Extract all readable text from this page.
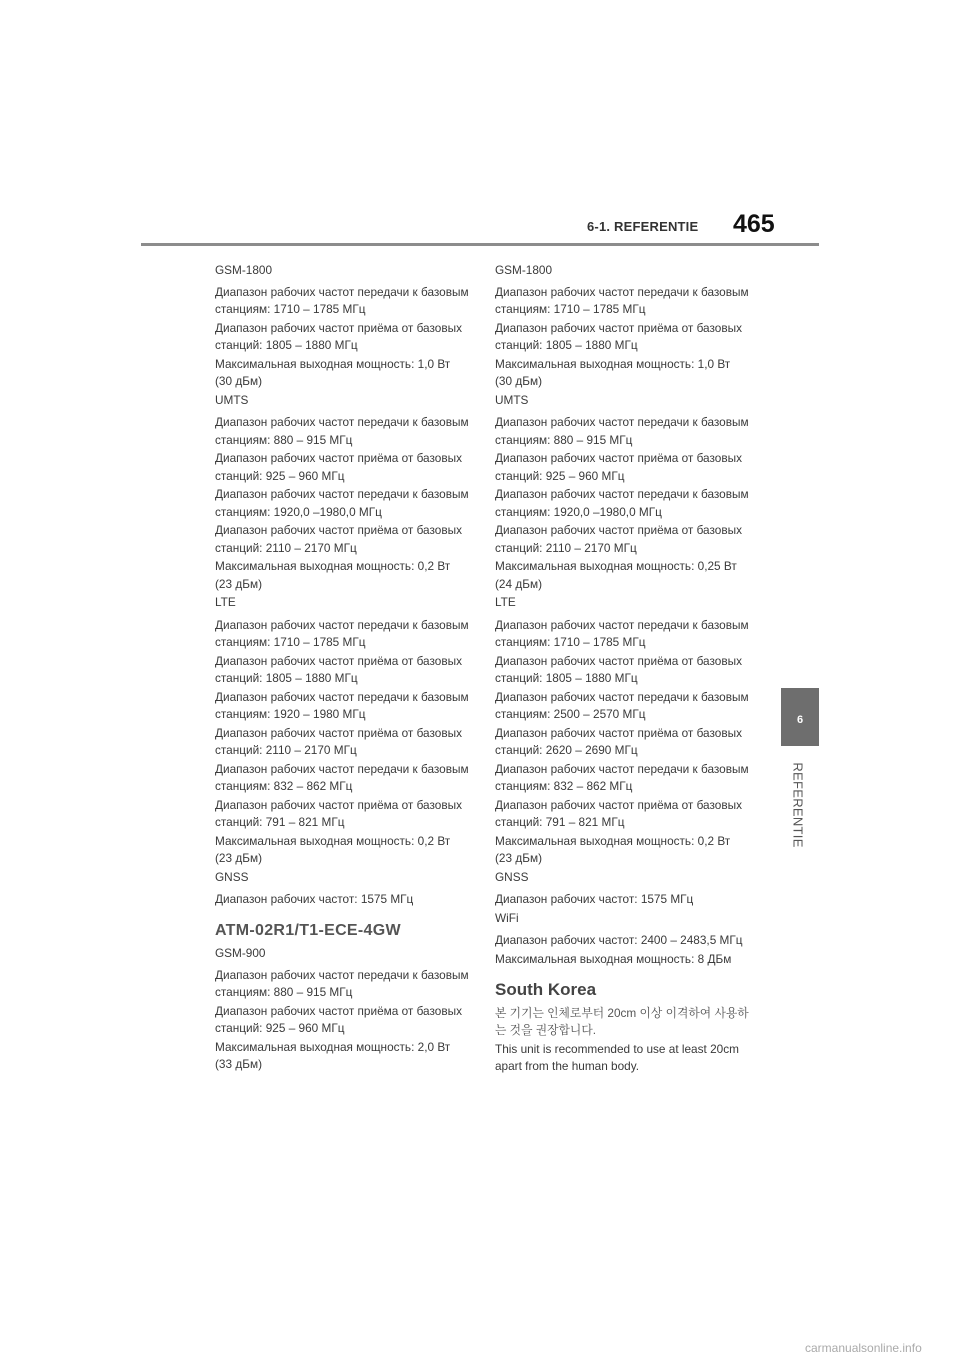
6-1. REFERENTIE 465
6
REFERENTIE

GSM-1800

Диапазон рабочих частот передачи к базовым станциям: 1710 – 1785 МГц

Диапазон рабочих частот приёма от базовых станций: 1805 – 1880 МГц

Максимальная выходная мощность: 1,0 Вт (30 дБм)

UMTS

Диапазон рабочих частот передачи к базовым станциям: 880 – 915 МГц

Диапазон рабочих частот приёма от базовых станций: 925 – 960 МГц

Диапазон рабочих частот передачи к базовым станциям: 1920,0 –1980,0 МГц

Диапазон рабочих частот приёма от базовых станций: 2110 – 2170 МГц

Максимальная выходная мощность: 0,2 Вт (23 дБм)

LTE

Диапазон рабочих частот передачи к базовым станциям: 1710 – 1785 МГц

Диапазон рабочих частот приёма от базовых станций: 1805 – 1880 МГц

Диапазон рабочих частот передачи к базовым станциям: 1920 – 1980 МГц

Диапазон рабочих частот приёма от базовых станций: 2110 – 2170 МГц

Диапазон рабочих частот передачи к базовым станциям: 832 – 862 МГц

Диапазон рабочих частот приёма от базовых станций: 791 – 821 МГц

Максимальная выходная мощность: 0,2 Вт (23 дБм)

GNSS

Диапазон рабочих частот: 1575 МГц

ATM-02R1/T1-ECE-4GW

GSM-900

Диапазон рабочих частот передачи к базовым станциям: 880 – 915 МГц

Диапазон рабочих частот приёма от базовых станций: 925 – 960 МГц

Максимальная выходная мощность: 2,0 Вт (33 дБм)

GSM-1800

Диапазон рабочих частот передачи к базовым станциям: 1710 – 1785 МГц

Диапазон рабочих частот приёма от базовых станций: 1805 – 1880 МГц

Максимальная выходная мощность: 1,0 Вт (30 дБм)

UMTS

Диапазон рабочих частот передачи к базовым станциям: 880 – 915 МГц

Диапазон рабочих частот приёма от базовых станций: 925 – 960 МГц

Диапазон рабочих частот передачи к базовым станциям: 1920,0 –1980,0 МГц

Диапазон рабочих частот приёма от базовых станций: 2110 – 2170 МГц

Максимальная выходная мощность: 0,25 Вт (24 дБм)

LTE

Диапазон рабочих частот передачи к базовым станциям: 1710 – 1785 МГц

Диапазон рабочих частот приёма от базовых станций: 1805 – 1880 МГц

Диапазон рабочих частот передачи к базовым станциям: 2500 – 2570 МГц

Диапазон рабочих частот приёма от базовых станций: 2620 – 2690 МГц

Диапазон рабочих частот передачи к базовым станциям: 832 – 862 МГц

Диапазон рабочих частот приёма от базовых станций: 791 – 821 МГц

Максимальная выходная мощность: 0,2 Вт (23 дБм)

GNSS

Диапазон рабочих частот: 1575 МГц

WiFi

Диапазон рабочих частот: 2400 – 2483,5 МГц

Максимальная выходная мощность: 8 ДБм

South Korea

본 기기는 인체로부터 20cm 이상 이격하여 사용하는 것을 권장합니다.

This unit is recommended to use at least 20cm apart from the human body.

carmanualsonline.info
